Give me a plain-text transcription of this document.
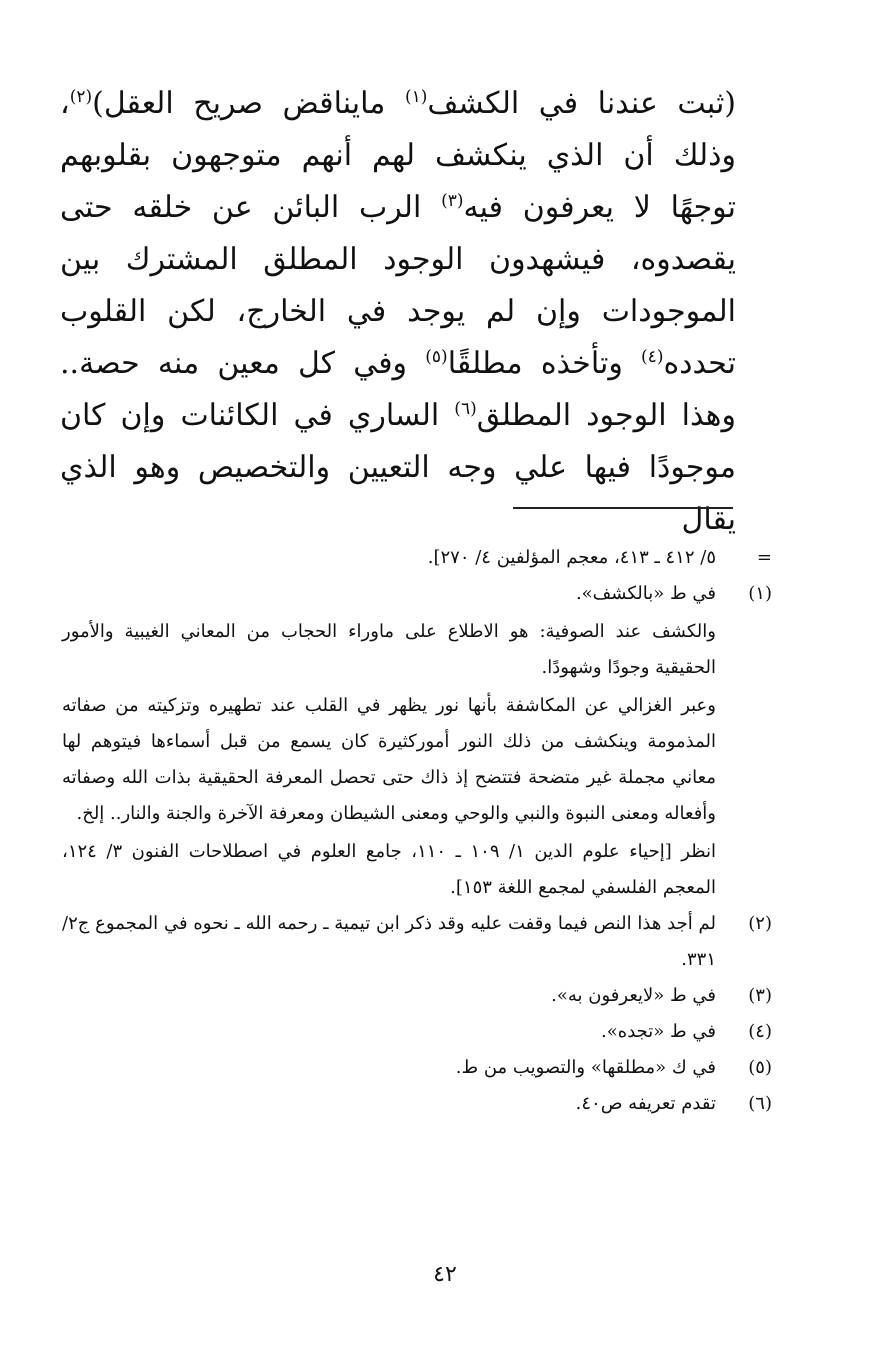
(ثبت عندنا في الكشف$^{(١)}$ مايناقض صريح العقل)$^{(٢)}$، وذلك أن الذي ينكشف لهم أنهم متوجهون بقلوبهم توجهًا لا يعرفون فيه$^{(٣)}$ الرب البائن عن خلقه حتى يقصدوه، فيشهدون الوجود المطلق المشترك بين الموجودات وإن لم يوجد في الخارج، لكن القلوب تحدده$^{(٤)}$ وتأخذه مطلقًا$^{(٥)}$ وفي كل معين منه حصة.. وهذا الوجود المطلق$^{(٦)}$ الساري في الكائنات وإن كان موجودًا فيها علي وجه التعيين والتخصيص وهو الذي يقال

=

٥/ ٤١٢ ـ ٤١٣، معجم المؤلفين ٤/ ٢٧٠].

(١)

في ط «بالكشف».

والكشف عند الصوفية: هو الاطلاع على ماوراء الحجاب من المعاني الغيبية والأمور الحقيقية وجودًا وشهودًا.

وعبر الغزالي عن المكاشفة بأنها نور يظهر في القلب عند تطهيره وتزكيته من صفاته المذمومة وينكشف من ذلك النور أموركثيرة كان يسمع من قبل أسماءها فيتوهم لها معاني مجملة غير متضحة فتتضح إذ ذاك حتى تحصل المعرفة الحقيقية بذات الله وصفاته وأفعاله ومعنى النبوة والنبي والوحي ومعنى الشيطان ومعرفة الآخرة والجنة والنار.. إلخ.

انظر [إحياء علوم الدين ١/ ١٠٩ ـ ١١٠، جامع العلوم في اصطلاحات الفنون ٣/ ١٢٤، المعجم الفلسفي لمجمع اللغة ١٥٣].

(٢)

لم أجد هذا النص فيما وقفت عليه وقد ذكر ابن تيمية ـ رحمه الله ـ نحوه في المجموع ج٢/ ٣٣١.

(٣)

في ط «لايعرفون به».

(٤)

في ط «تجده».

(٥)

في ك «مطلقها» والتصويب من ط.

(٦)

تقدم تعريفه ص٤٠.

٤٢
